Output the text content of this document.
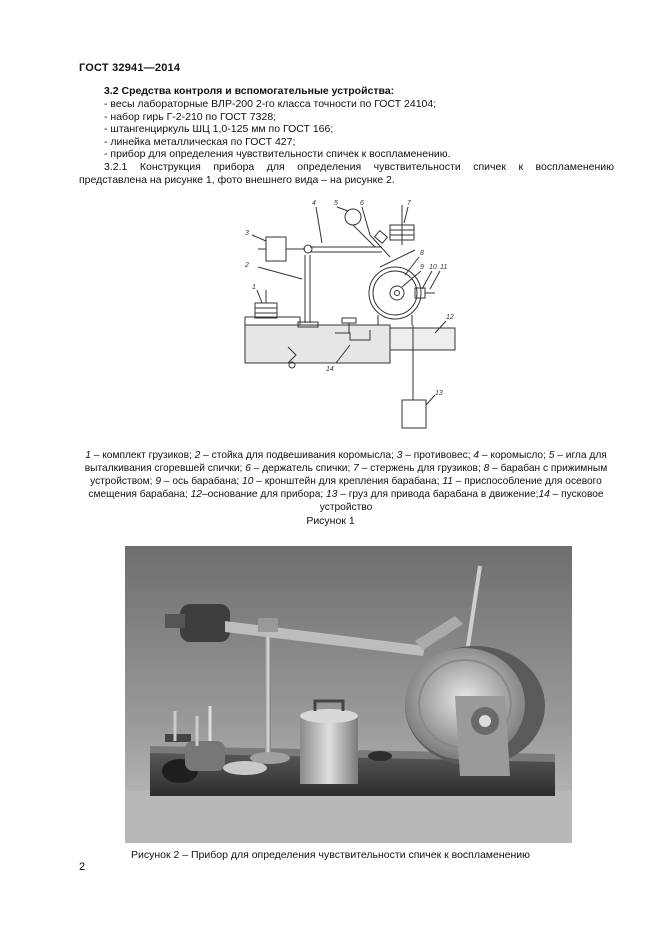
ГОСТ 32941—2014
3.2 Средства контроля и вспомогательные устройства:
- весы лабораторные ВЛР-200 2-го класса точности по ГОСТ 24104;
- набор гирь Г-2-210 по ГОСТ 7328;
- штангенциркуль ШЦ 1,0-125 мм по ГОСТ 166;
- линейка металлическая по ГОСТ 427;
- прибор для определения чувствительности спичек к воспламенению.
3.2.1 Конструкция прибора для определения чувствительности спичек к воспламенению
представлена на рисунке 1, фото внешнего вида – на рисунке 2.
1
2
3
4	5	6	7
8
9 10 11
12
13
14
1 – комплект грузиков; 2 – стойка для подвешивания коромысла; 3 – противовес; 4 – коромысло; 5 – игла для выталкивания сгоревшей спички; 6 – держатель спички; 7 – стержень для грузиков; 8 – барабан с прижимным устройством; 9 – ось барабана; 10 – кронштейн для крепления барабана; 11 – приспособление для осевого смещения барабана; 12–основание для прибора; 13 – груз для привода барабана в движение;14 – пусковое устройство
Рисунок 1
Рисунок 2 – Прибор для определения чувствительности спичек к воспламенению
2
